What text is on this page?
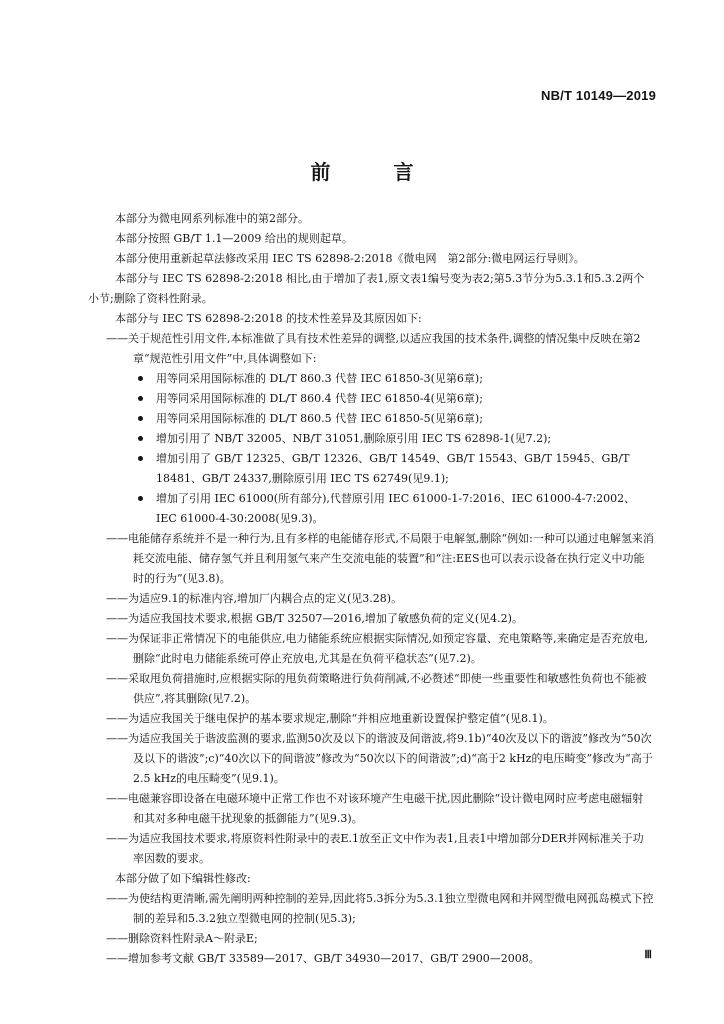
NB/T 10149—2019
前 言

本部分为微电网系列标准中的第2部分。

本部分按照 GB/T 1.1—2009 给出的规则起草。

本部分使用重新起草法修改采用 IEC TS 62898-2:2018《微电网　第2部分:微电网运行导则》。

本部分与 IEC TS 62898-2:2018 相比,由于增加了表1,原文表1编号变为表2;第5.3节分为5.3.1和5.3.2两个小节;删除了资料性附录。

本部分与 IEC TS 62898-2:2018 的技术性差异及其原因如下:

——关于规范性引用文件,本标准做了具有技术性差异的调整,以适应我国的技术条件,调整的情况集中反映在第2章“规范性引用文件”中,具体调整如下:

用等同采用国际标准的 DL/T 860.3 代替 IEC 61850-3(见第6章);
用等同采用国际标准的 DL/T 860.4 代替 IEC 61850-4(见第6章);
用等同采用国际标准的 DL/T 860.5 代替 IEC 61850-5(见第6章);
增加引用了 NB/T 32005、NB/T 31051,删除原引用 IEC TS 62898-1(见7.2);
增加引用了 GB/T 12325、GB/T 12326、GB/T 14549、GB/T 15543、GB/T 15945、GB/T 18481、GB/T 24337,删除原引用 IEC TS 62749(见9.1);
增加了引用 IEC 61000(所有部分),代替原引用 IEC 61000-1-7:2016、IEC 61000-4-7:2002、IEC 61000-4-30:2008(见9.3)。

——电能储存系统并不是一种行为,且有多样的电能储存形式,不局限于电解氢,删除“例如:一种可以通过电解氢来消耗交流电能、储存氢气并且利用氢气来产生交流电能的装置”和“注:EES也可以表示设备在执行定义中功能时的行为”(见3.8)。

——为适应9.1的标准内容,增加厂内耦合点的定义(见3.28)。

——为适应我国技术要求,根据 GB/T 32507—2016,增加了敏感负荷的定义(见4.2)。

——为保证非正常情况下的电能供应,电力储能系统应根据实际情况,如预定容量、充电策略等,来确定是否充放电,删除“此时电力储能系统可停止充放电,尤其是在负荷平稳状态”(见7.2)。

——采取甩负荷措施时,应根据实际的甩负荷策略进行负荷削减,不必赘述“即使一些重要性和敏感性负荷也不能被供应”,将其删除(见7.2)。

——为适应我国关于继电保护的基本要求规定,删除“并相应地重新设置保护整定值”(见8.1)。

——为适应我国关于谐波监测的要求,监测50次及以下的谐波及间谐波,将9.1b)“40次及以下的谐波”修改为“50次及以下的谐波”;c)“40次以下的间谐波”修改为“50次以下的间谐波”;d)“高于2 kHz的电压畸变”修改为“高于2.5 kHz的电压畸变”(见9.1)。

——电磁兼容即设备在电磁环境中正常工作也不对该环境产生电磁干扰,因此删除“设计微电网时应考虑电磁辐射和其对多种电磁干扰现象的抵御能力”(见9.3)。

——为适应我国技术要求,将原资料性附录中的表E.1放至正文中作为表1,且表1中增加部分DER并网标准关于功率因数的要求。

本部分做了如下编辑性修改:

——为使结构更清晰,需先阐明两种控制的差异,因此将5.3拆分为5.3.1独立型微电网和并网型微电网孤岛模式下控制的差异和5.3.2独立型微电网的控制(见5.3);

——删除资料性附录A～附录E;

——增加参考文献 GB/T 33589—2017、GB/T 34930—2017、GB/T 2900—2008。	Ⅲ
